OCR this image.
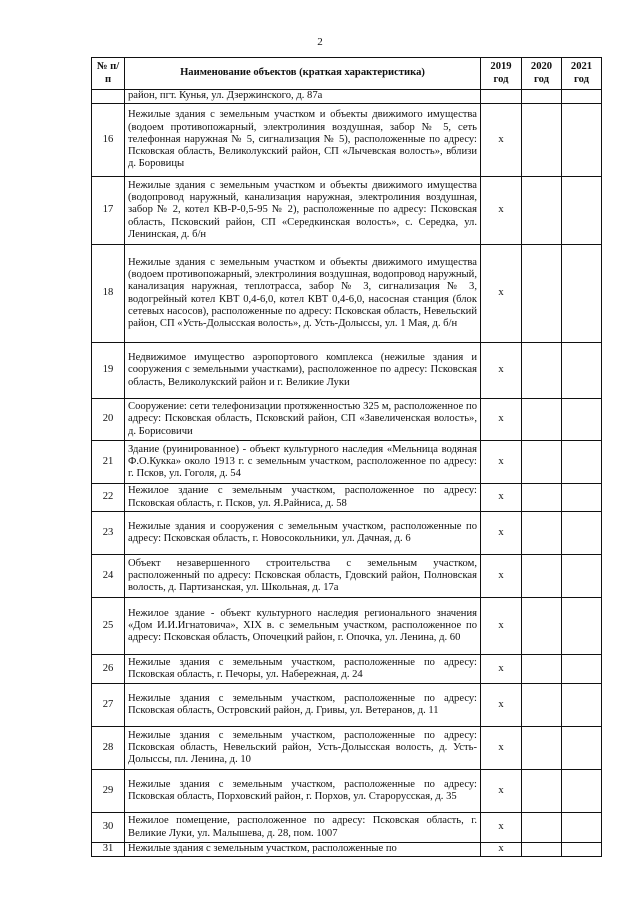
2
№ п/п	Наименование объектов (краткая характеристика)	2019 год	2020 год	2021 год
	район, пгт. Кунья, ул. Дзержинского, д. 87а			
16	Нежилые здания с земельным участком и объекты движимого имущества (водоем противопожарный, электролиния воздушная, забор № 5, сеть телефонная наружная № 5, сигнализация № 5), расположенные по адресу: Псковская область, Великолукский район, СП «Лычевская волость», вблизи д. Боровицы	x		
17	Нежилые здания с земельным участком и объекты движимого имущества (водопровод наружный, канализация наружная, электролиния воздушная, забор № 2, котел КВ-Р-0,5-95 № 2), расположенные по адресу: Псковская область, Псковский район, СП «Середкинская волость», с. Середка, ул. Ленинская, д. б/н	x		
18	Нежилые здания с земельным участком и объекты движимого имущества (водоем противопожарный, электролиния воздушная, водопровод наружный, канализация наружная, теплотрасса, забор № 3, сигнализация № 3, водогрейный котел КВТ 0,4-6,0, котел КВТ 0,4-6,0, насосная станция (блок сетевых насосов), расположенные по адресу: Псковская область, Невельский район, СП «Усть-Долысская волость», д. Усть-Долыссы, ул. 1 Мая, д. б/н	x		
19	Недвижимое имущество аэропортового комплекса (нежилые здания и сооружения с земельными участками), расположенное по адресу: Псковская область, Великолукский район и г. Великие Луки	x		
20	Сооружение: сети телефонизации протяженностью 325 м, расположенное по адресу: Псковская область, Псковский район, СП «Завеличенская волость», д. Борисовичи	x		
21	Здание (руинированное) - объект культурного наследия «Мельница водяная Ф.О.Кукка» около 1913 г. с земельным участком, расположенное по адресу: г. Псков, ул. Гоголя, д. 54	x		
22	Нежилое здание с земельным участком, расположенное по адресу: Псковская область, г. Псков, ул. Я.Райниса, д. 58	x		
23	Нежилые здания и сооружения с земельным участком, расположенные по адресу: Псковская область, г. Новосокольники, ул. Дачная, д. 6	x		
24	Объект незавершенного строительства с земельным участком, расположенный по адресу: Псковская область, Гдовский район, Полновская волость, д. Партизанская, ул. Школьная, д. 17а	x		
25	Нежилое здание - объект культурного наследия регионального значения «Дом И.И.Игнатовича», XIX в. с земельным участком, расположенное по адресу: Псковская область, Опочецкий район, г. Опочка, ул. Ленина, д. 60	x		
26	Нежилые здания с земельным участком, расположенные по адресу: Псковская область, г. Печоры, ул. Набережная, д. 24	x		
27	Нежилые здания с земельным участком, расположенные по адресу: Псковская область, Островский район, д. Гривы, ул. Ветеранов, д. 11	x		
28	Нежилые здания с земельным участком, расположенные по адресу: Псковская область, Невельский район, Усть-Долысская волость, д. Усть-Долыссы, пл. Ленина, д. 10	x		
29	Нежилые здания с земельным участком, расположенные по адресу: Псковская область, Порховский район, г. Порхов, ул. Старорусская, д. 35	x		
30	Нежилое помещение, расположенное по адресу: Псковская область, г. Великие Луки, ул. Малышева, д. 28, пом. 1007	x		
31	Нежилые здания с земельным участком, расположенные по	x		
